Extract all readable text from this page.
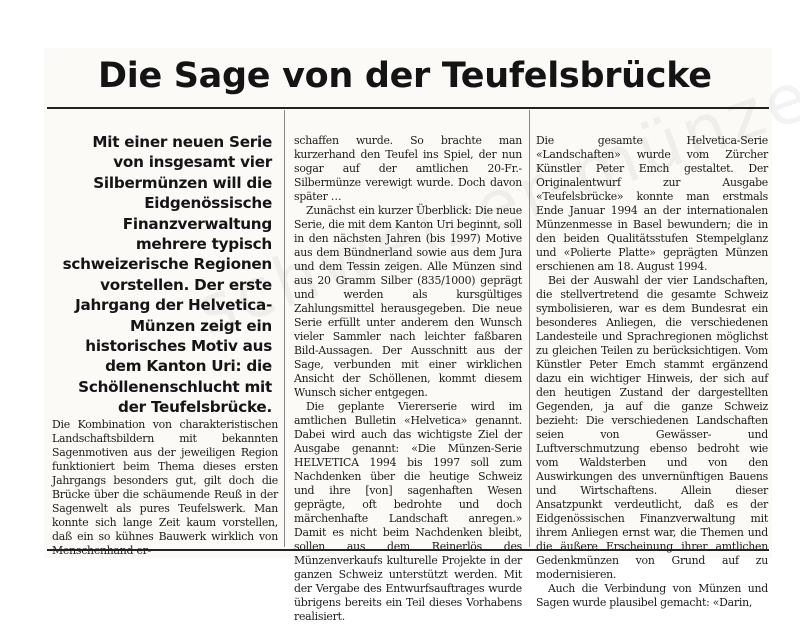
Die Sage von der Teufelsbrücke

Mit einer neuen Serie von insgesamt vier Silbermünzen will die Eidgenössische Finanzverwaltung mehrere typisch schweizerische Regionen vorstellen. Der erste Jahrgang der Helvetica-Münzen zeigt ein historisches Motiv aus dem Kanton Uri: die Schöllenenschlucht mit der Teufelsbrücke.

Die Kombination von charakteristischen Landschaftsbildern mit bekannten Sagenmotiven aus der jeweiligen Region funktioniert beim Thema dieses ersten Jahrgangs besonders gut, gilt doch die Brücke über die schäumende Reuß in der Sagenwelt als pures Teufelswerk. Man konnte sich lange Zeit kaum vorstellen, daß ein so kühnes Bauwerk wirklich von Menschenhand er-

schaffen wurde. So brachte man kurzerhand den Teufel ins Spiel, der nun sogar auf der amtlichen 20-Fr.-Silbermünze verewigt wurde. Doch davon später …

Zunächst ein kurzer Überblick: Die neue Serie, die mit dem Kanton Uri beginnt, soll in den nächsten Jahren (bis 1997) Motive aus dem Bündnerland sowie aus dem Jura und dem Tessin zeigen. Alle Münzen sind aus 20 Gramm Silber (835/1000) geprägt und werden als kursgültiges Zahlungsmittel herausgegeben. Die neue Serie erfüllt unter anderem den Wunsch vieler Sammler nach leichter faßbaren Bild-Aussagen. Der Ausschnitt aus der Sage, verbunden mit einer wirklichen Ansicht der Schöllenen, kommt diesem Wunsch sicher entgegen.

Die geplante Viererserie wird im amtlichen Bulletin «Helvetica» genannt. Dabei wird auch das wichtigste Ziel der Ausgabe genannt: «Die Münzen-Serie HELVETICA 1994 bis 1997 soll zum Nachdenken über die heutige Schweiz und ihre [von] sagenhaften Wesen geprägte, oft bedrohte und doch märchenhafte Landschaft anregen.» Damit es nicht beim Nachdenken bleibt, sollen aus dem Reinerlös des Münzenverkaufs kulturelle Projekte in der ganzen Schweiz unterstützt werden. Mit der Vergabe des Entwurfsauftrages wurde übrigens bereits ein Teil dieses Vorhabens realisiert.

Die gesamte Helvetica-Serie «Landschaften» wurde vom Zürcher Künstler Peter Emch gestaltet. Der Originalentwurf zur Ausgabe «Teufelsbrücke» konnte man erstmals Ende Januar 1994 an der internationalen Münzenmesse in Basel bewundern; die in den beiden Qualitätsstufen Stempelglanz und «Polierte Platte» geprägten Münzen erschienen am 18. August 1994.

Bei der Auswahl der vier Landschaften, die stellvertretend die gesamte Schweiz symbolisieren, war es dem Bundesrat ein besonderes Anliegen, die verschiedenen Landesteile und Sprachregionen möglichst zu gleichen Teilen zu berücksichtigen. Vom Künstler Peter Emch stammt ergänzend dazu ein wichtiger Hinweis, der sich auf den heutigen Zustand der dargestellten Gegenden, ja auf die ganze Schweiz bezieht: Die verschiedenen Landschaften seien von Gewässer- und Luftverschmutzung ebenso bedroht wie vom Waldsterben und von den Auswirkungen des unvernünftigen Bauens und Wirtschaftens. Allein dieser Ansatzpunkt verdeutlicht, daß es der Eidgenössischen Finanzverwaltung mit ihrem Anliegen ernst war, die Themen und die äußere Erscheinung ihrer amtlichen Gedenkmünzen von Grund auf zu modernisieren.

Auch die Verbindung von Münzen und Sagen wurde plausibel gemacht: «Darin,
